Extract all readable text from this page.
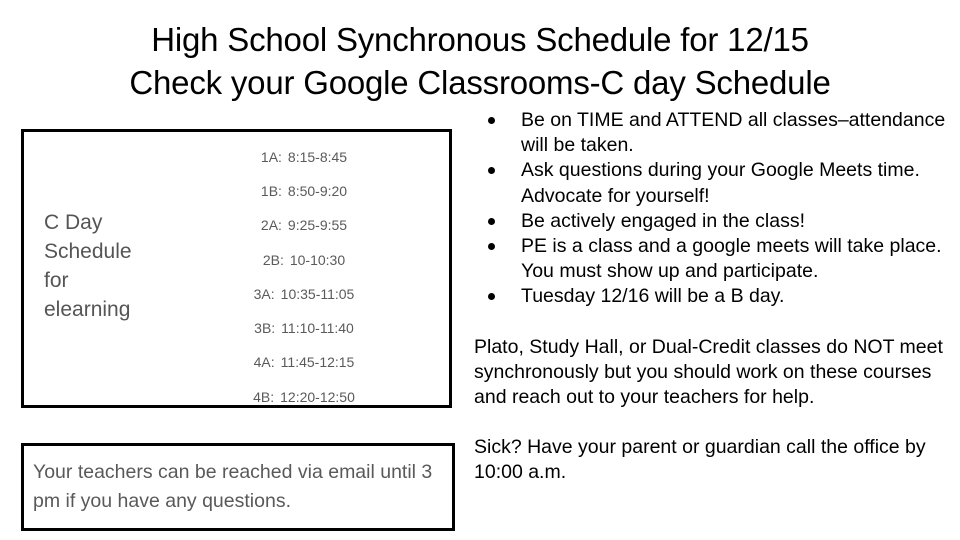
High School Synchronous Schedule for 12/15
Check your Google Classrooms-C day Schedule
C Day
Schedule
for
elearning
1A: 8:15-8:45
1B: 8:50-9:20
2A: 9:25-9:55
2B: 10-10:30
3A: 10:35-11:05
3B: 11:10-11:40
4A: 11:45-12:15
4B: 12:20-12:50
Your teachers can be reached via email until 3 pm if you have any questions.
Be on TIME and ATTEND all classes–attendance will be taken.
Ask questions during your Google Meets time. Advocate for yourself!
Be actively engaged in the class!
PE is a class and a google meets will take place. You must show up and participate.
Tuesday 12/16 will be a B day.

Plato, Study Hall, or Dual-Credit classes do NOT meet synchronously but you should work on these courses and reach out to your teachers for help.

Sick? Have your parent or guardian call the office by 10:00 a.m.
